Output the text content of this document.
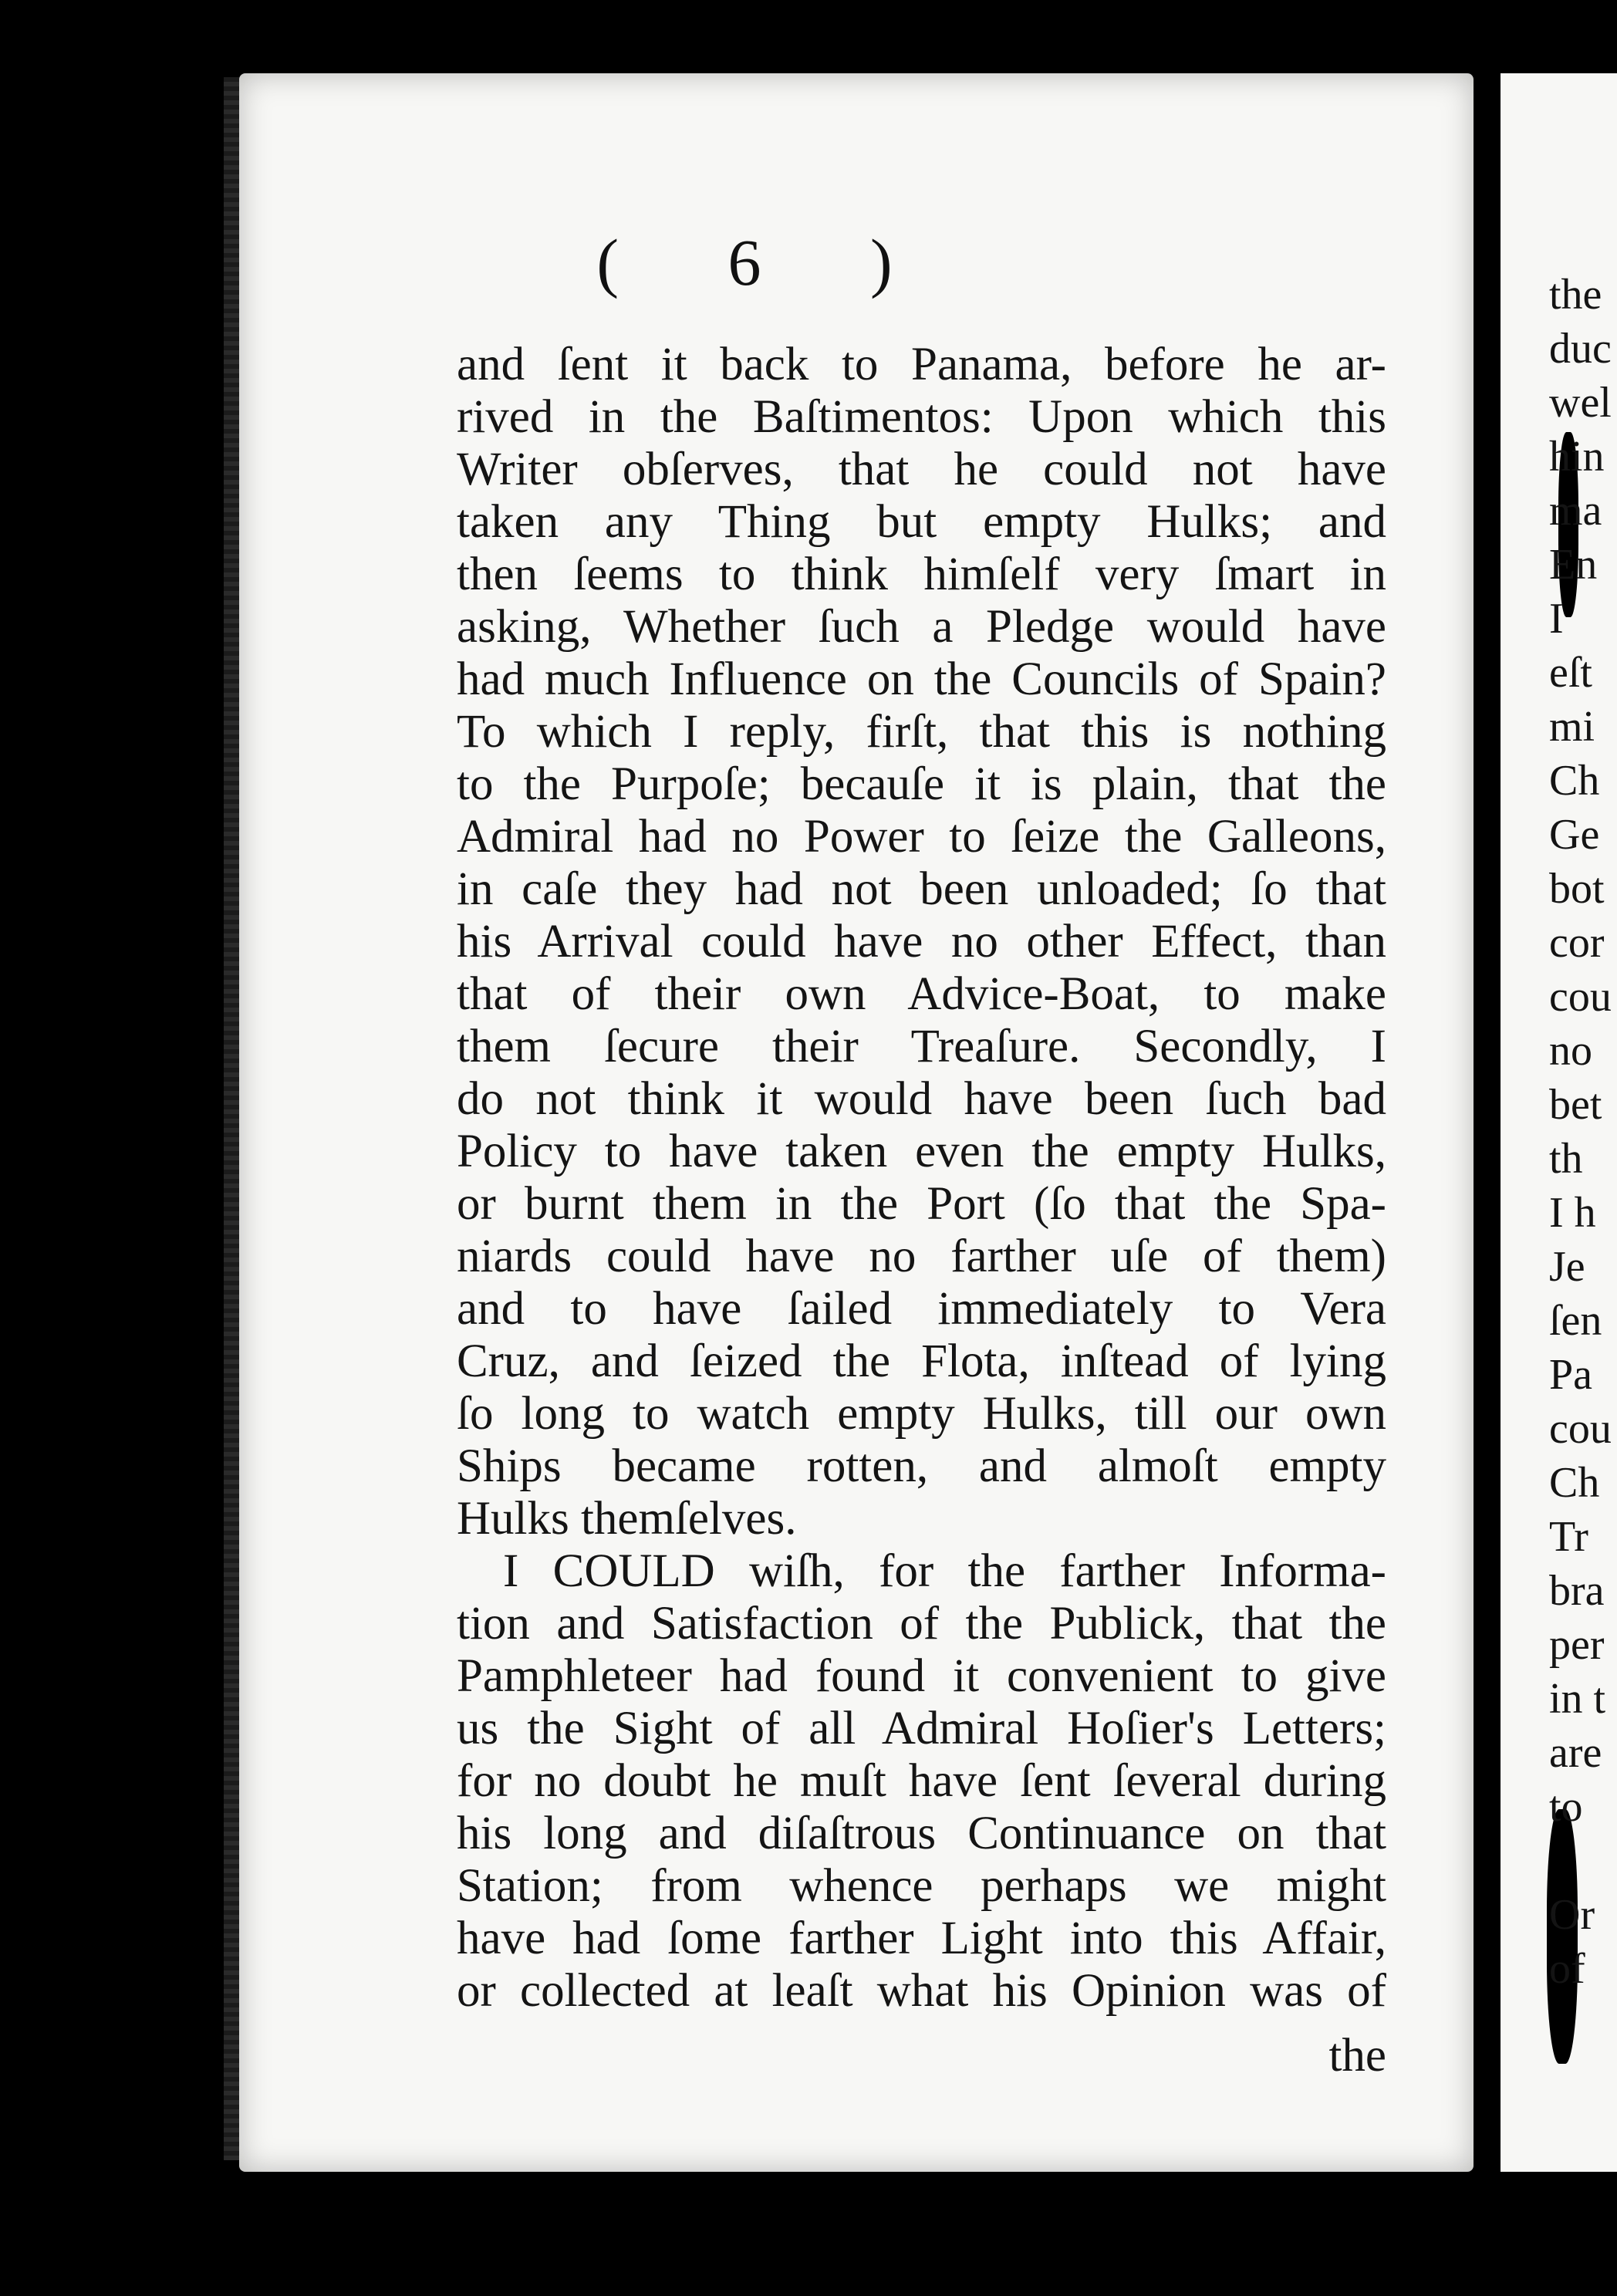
( 6 )
and ſent it back to Panama, before he ar-
rived in the Baſtimentos: Upon which this
Writer obſerves, that he could not have
taken any Thing but empty Hulks; and
then ſeems to think himſelf very ſmart in
asking, Whether ſuch a Pledge would have
had much Influence on the Councils of Spain?
To which I reply, firſt, that this is nothing
to the Purpoſe; becauſe it is plain, that the
Admiral had no Power to ſeize the Galleons,
in caſe they had not been unloaded; ſo that
his Arrival could have no other Effect, than
that of their own Advice-Boat, to make
them ſecure their Treaſure. Secondly, I
do not think it would have been ſuch bad
Policy to have taken even the empty Hulks,
or burnt them in the Port (ſo that the Spa-
niards could have no farther uſe of them)
and to have ſailed immediately to Vera
Cruz, and ſeized the Flota, inſtead of lying
ſo long to watch empty Hulks, till our own
Ships became rotten, and almoſt empty
Hulks themſelves.
I COULD wiſh, for the farther Informa-
tion and Satisfaction of the Publick, that the
Pamphleteer had found it convenient to give
us the Sight of all Admiral Hoſier's Letters;
for no doubt he muſt have ſent ſeveral during
his long and diſaſtrous Continuance on that
Station; from whence perhaps we might
have had ſome farther Light into this Affair,
or collected at leaſt what his Opinion was of
the
the
duc
wel
hin
ma
En
I
eſt
mi
Ch
Ge
bot
cor
cou
no
bet
th
I h
Je
ſen
Pa
cou
Ch
Tr
bra
per
in t
are
to
Or
of
